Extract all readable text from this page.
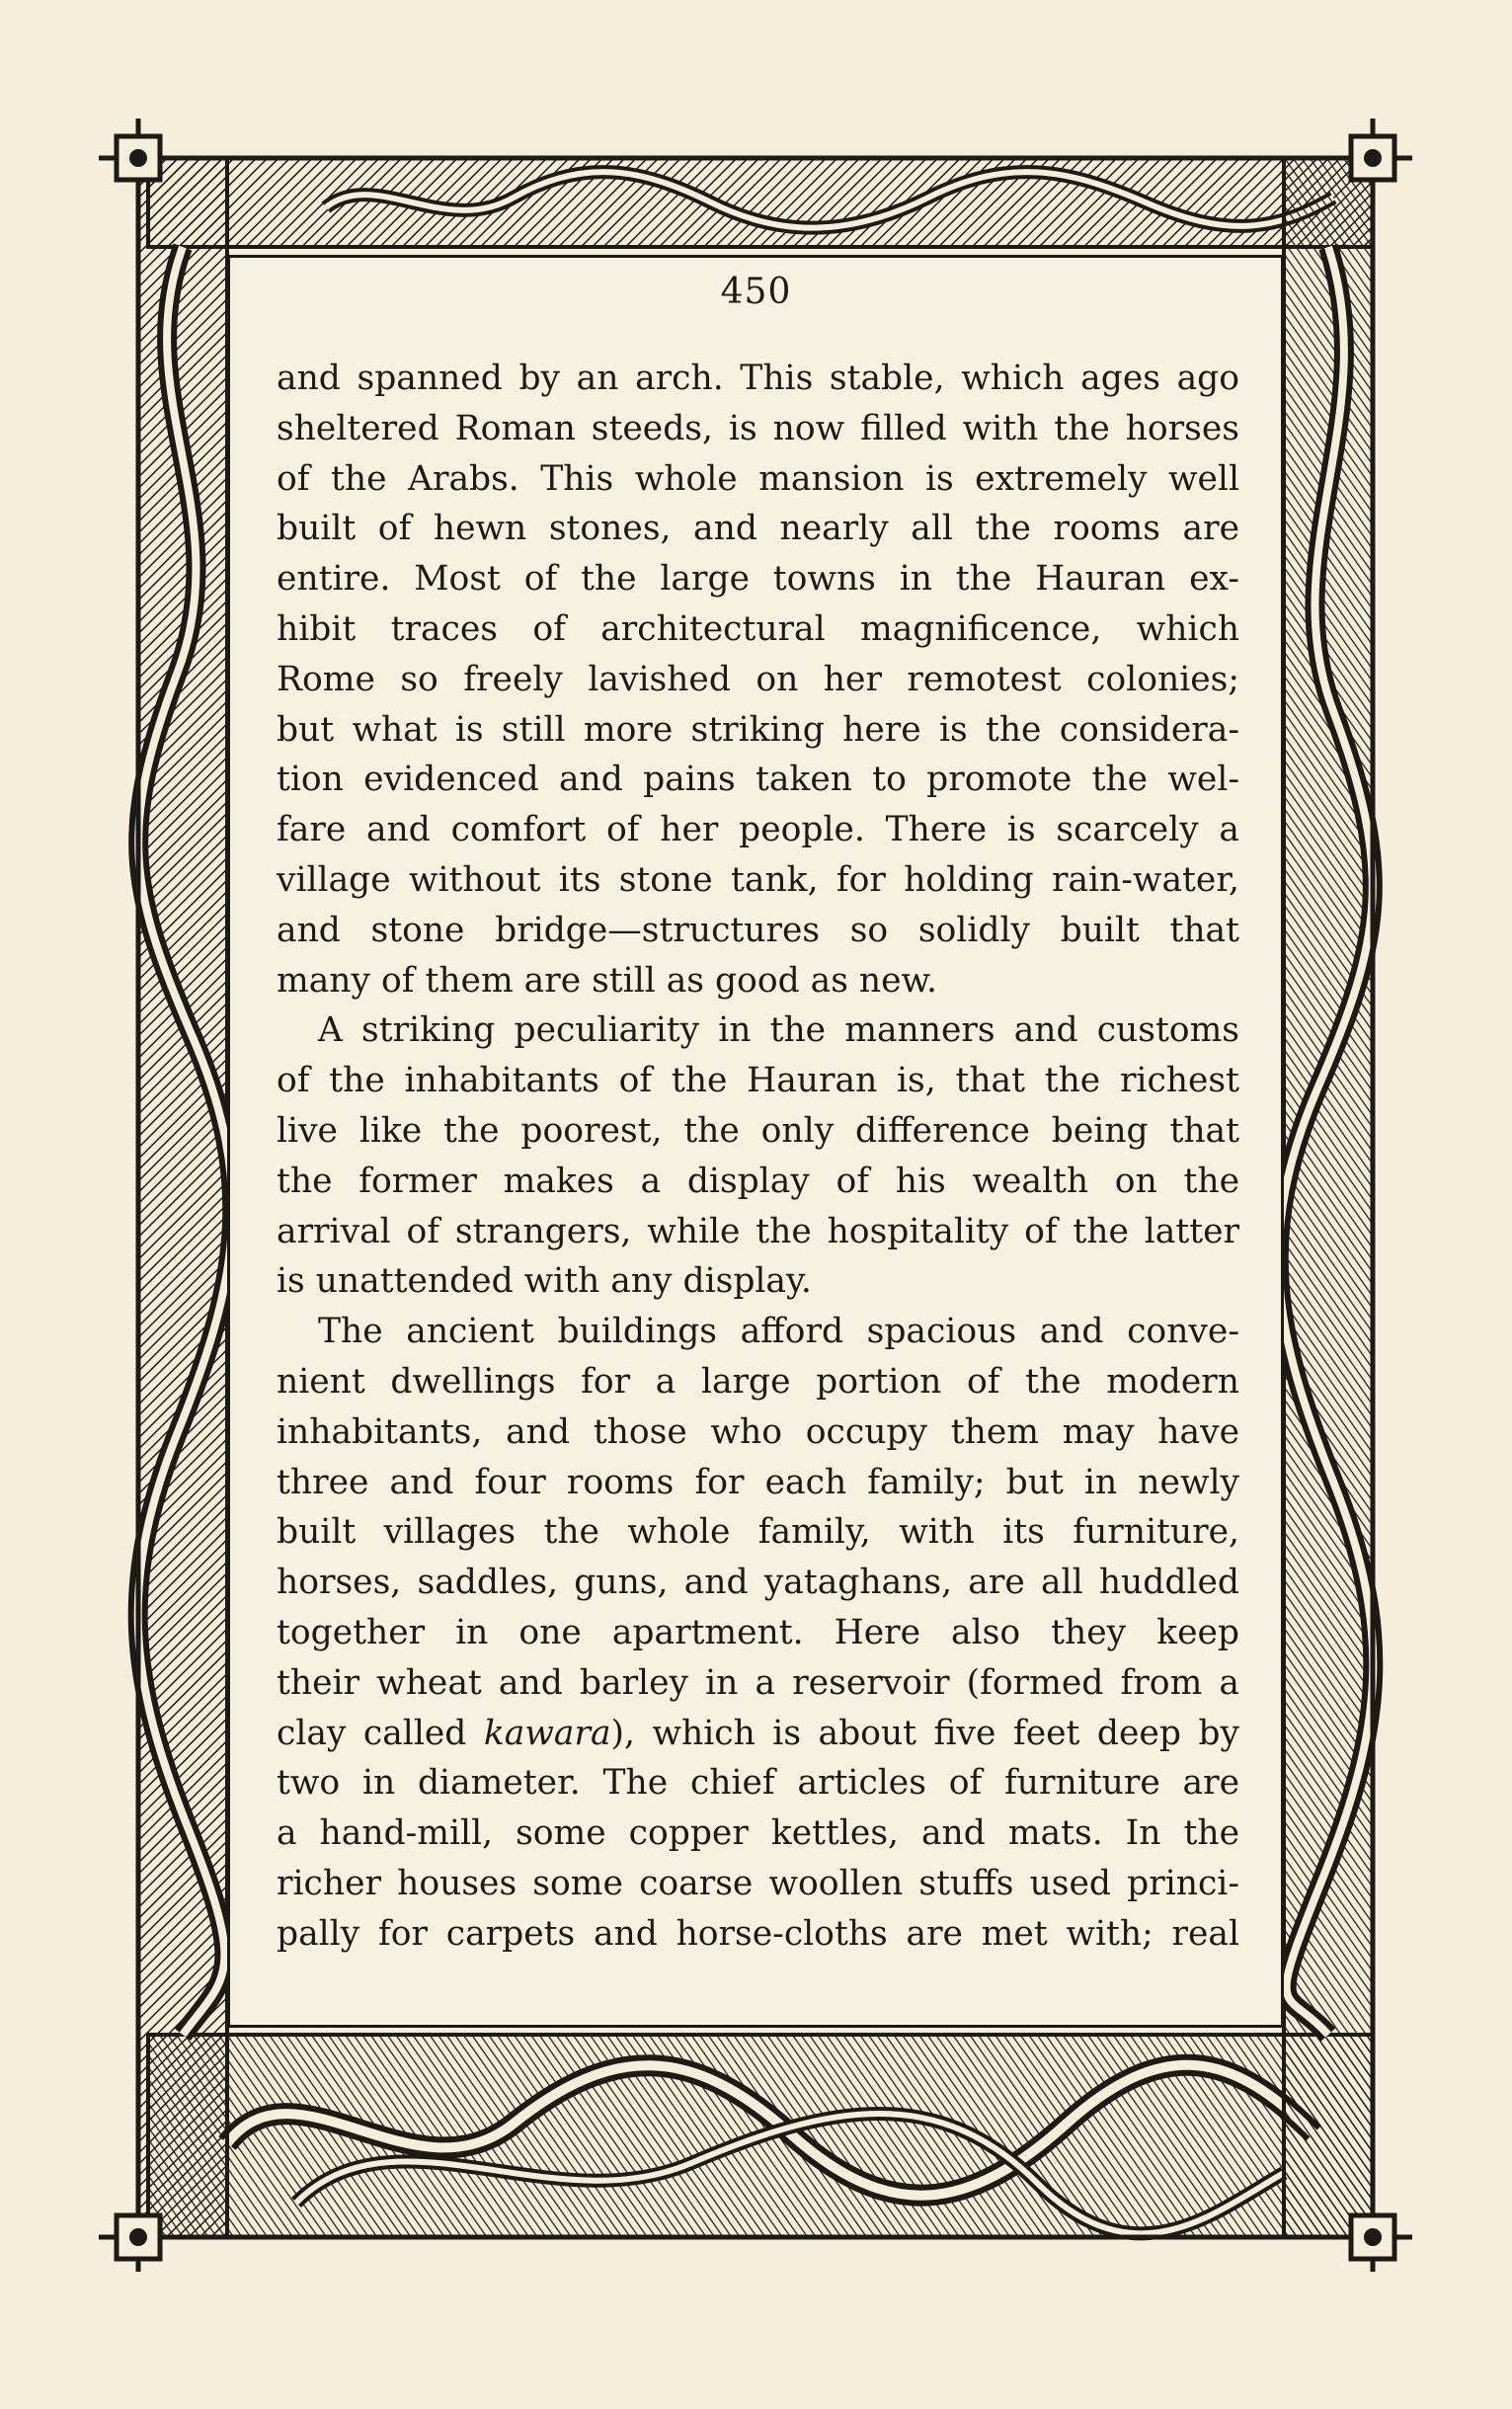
450
and spanned by an arch. This stable, which ages ago
sheltered Roman steeds, is now filled with the horses
of the Arabs. This whole mansion is extremely well
built of hewn stones, and nearly all the rooms are
entire. Most of the large towns in the Hauran ex-
hibit traces of architectural magnificence, which
Rome so freely lavished on her remotest colonies;
but what is still more striking here is the considera-
tion evidenced and pains taken to promote the wel-
fare and comfort of her people. There is scarcely a
village without its stone tank, for holding rain-water,
and stone bridge—structures so solidly built that
many of them are still as good as new.
A striking peculiarity in the manners and customs
of the inhabitants of the Hauran is, that the richest
live like the poorest, the only difference being that
the former makes a display of his wealth on the
arrival of strangers, while the hospitality of the latter
is unattended with any display.
The ancient buildings afford spacious and conve-
nient dwellings for a large portion of the modern
inhabitants, and those who occupy them may have
three and four rooms for each family; but in newly
built villages the whole family, with its furniture,
horses, saddles, guns, and yataghans, are all huddled
together in one apartment. Here also they keep
their wheat and barley in a reservoir (formed from a
clay called kawara), which is about five feet deep by
two in diameter. The chief articles of furniture are
a hand-mill, some copper kettles, and mats. In the
richer houses some coarse woollen stuffs used princi-
pally for carpets and horse-cloths are met with; real
